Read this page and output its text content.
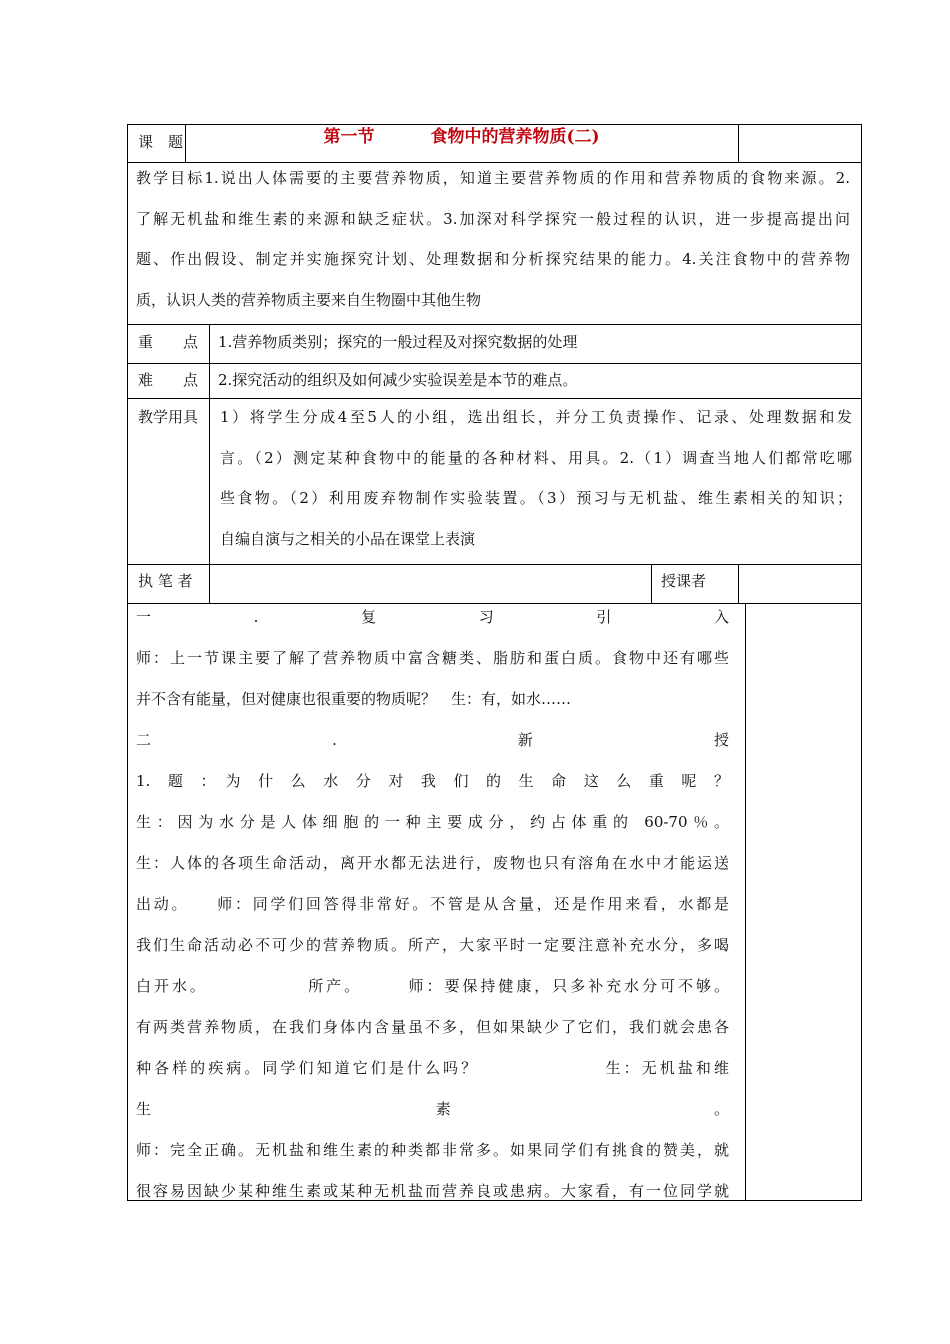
课　题	第一节	食物中的营养物质(二)
教学目标1.说出人体需要的主要营养物质，知道主要营养物质的作用和营养物质的食物来源。2.
了解无机盐和维生素的来源和缺乏症状。3.加深对科学探究一般过程的认识，进一步提高提出问
题、作出假设、制定并实施探究计划、处理数据和分析探究结果的能力。4.关注食物中的营养物
质，认识人类的营养物质主要来自生物圈中其他生物
重　　点 1.营养物质类别；探究的一般过程及对探究数据的处理
难　　点 2.探究活动的组织及如何减少实验误差是本节的难点。
教学用具 1）将学生分成4至5人的小组，选出组长，并分工负责操作、记录、处理数据和发
言。（2）测定某种食物中的能量的各种材料、用具。2.（1）调查当地人们都常吃哪
些食物。（2）利用废弃物制作实验装置。（3）预习与无机盐、维生素相关的知识；
自编自演与之相关的小品在课堂上表演
执 笔 者	授课者
一　　　　.　　　　复　　　　习　　　　引　　　　入
师：上一节课主要了解了营养物质中富含糖类、脂肪和蛋白质。食物中还有哪些
并不含有能量，但对健康也很重要的物质呢？　生：有，如水……
二　　　　　　　　.　　　　　　　　新　　　　　　　　授
1.　题　：　为　什　么　水　分　对　我　们　的　生　命　这　么　重　呢　？
生：因为水分是人体细胞的一种主要成分，约占体重的 60-70％。
生：人体的各项生命活动，离开水都无法进行，废物也只有溶角在水中才能运送
出动。　　师：同学们回答得非常好。不管是从含量，还是作用来看，水都是
我们生命活动必不可少的营养物质。所产，大家平时一定要注意补充水分，多喝
白开水。　　　　　　所产。　　　师：要保持健康，只多补充水分可不够。
有两类营养物质，在我们身体内含量虽不多，但如果缺少了它们，我们就会患各
种各样的疾病。同学们知道它们是什么吗？　　　　　　　生：无机盐和维
生　　　　　　　　　　　　　素　　　　　　　　　　　　。
师：完全正确。无机盐和维生素的种类都非常多。如果同学们有挑食的赞美，就
很容易因缺少某种维生素或某种无机盐而营养良或患病。大家看，有一位同学就
